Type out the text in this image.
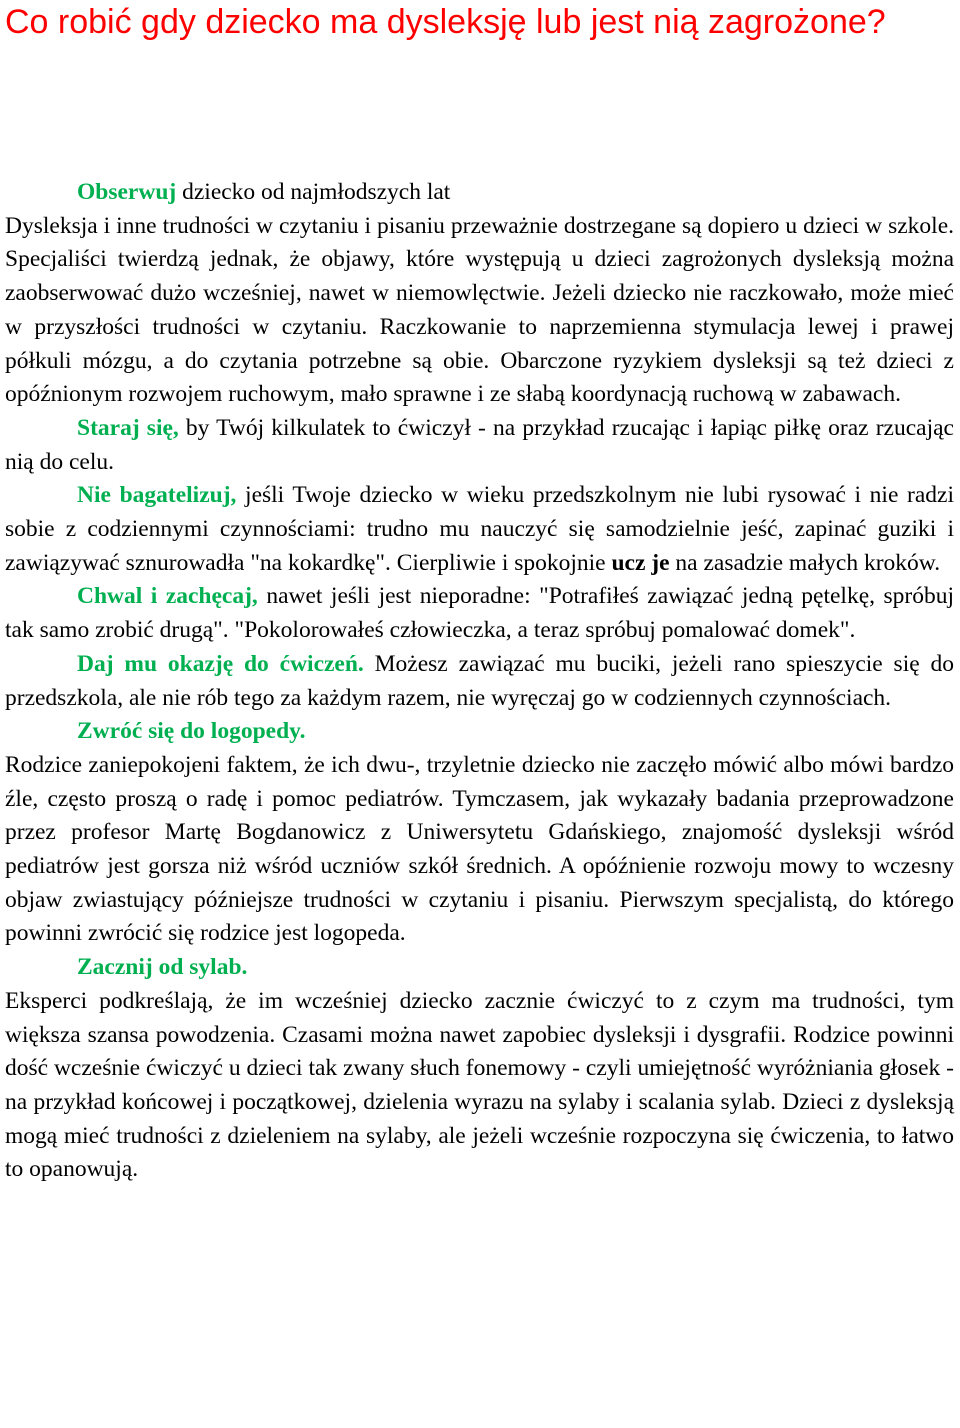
Co robić gdy dziecko ma dysleksję lub jest nią zagrożone?

Obserwuj dziecko od najmłodszych lat

Dysleksja i inne trudności w czytaniu i pisaniu przeważnie dostrzegane są dopiero u dzieci w szkole. Specjaliści twierdzą jednak, że objawy, które występują u dzieci zagrożonych dysleksją można zaobserwować dużo wcześniej, nawet w niemowlęctwie. Jeżeli dziecko nie raczkowało, może mieć w przyszłości trudności w czytaniu. Raczkowanie to naprzemienna stymulacja lewej i prawej półkuli mózgu, a do czytania potrzebne są obie. Obarczone ryzykiem dysleksji są też dzieci z opóźnionym rozwojem ruchowym, mało sprawne i ze słabą koordynacją ruchową w zabawach.

Staraj się, by Twój kilkulatek to ćwiczył - na przykład rzucając i łapiąc piłkę oraz rzucając nią do celu.

Nie bagatelizuj, jeśli Twoje dziecko w wieku przedszkolnym nie lubi rysować i nie radzi sobie z codziennymi czynnościami: trudno mu nauczyć się samodzielnie jeść, zapinać guziki i zawiązywać sznurowadła "na kokardkę". Cierpliwie i spokojnie ucz je na zasadzie małych kroków.

Chwal i zachęcaj, nawet jeśli jest nieporadne: "Potrafiłeś zawiązać jedną pętelkę, spróbuj tak samo zrobić drugą". "Pokolorowałeś człowieczka, a teraz spróbuj pomalować domek".

Daj mu okazję do ćwiczeń. Możesz zawiązać mu buciki, jeżeli rano spieszycie się do przedszkola, ale nie rób tego za każdym razem, nie wyręczaj go w codziennych czynnościach.

Zwróć się do logopedy.

Rodzice zaniepokojeni faktem, że ich dwu-, trzyletnie dziecko nie zaczęło mówić albo mówi bardzo źle, często proszą o radę i pomoc pediatrów. Tymczasem, jak wykazały badania przeprowadzone przez profesor Martę Bogdanowicz z Uniwersytetu Gdańskiego, znajomość dysleksji wśród pediatrów jest gorsza niż wśród uczniów szkół średnich. A opóźnienie rozwoju mowy to wczesny objaw zwiastujący późniejsze trudności w czytaniu i pisaniu. Pierwszym specjalistą, do którego powinni zwrócić się rodzice jest logopeda.

Zacznij od sylab.

Eksperci podkreślają, że im wcześniej dziecko zacznie ćwiczyć to z czym ma trudności, tym większa szansa powodzenia. Czasami można nawet zapobiec dysleksji i dysgrafii. Rodzice powinni dość wcześnie ćwiczyć u dzieci tak zwany słuch fonemowy - czyli umiejętność wyróżniania głosek - na przykład końcowej i początkowej, dzielenia wyrazu na sylaby i scalania sylab. Dzieci z dysleksją mogą mieć trudności z dzieleniem na sylaby, ale jeżeli wcześnie rozpoczyna się ćwiczenia, to łatwo to opanowują.
